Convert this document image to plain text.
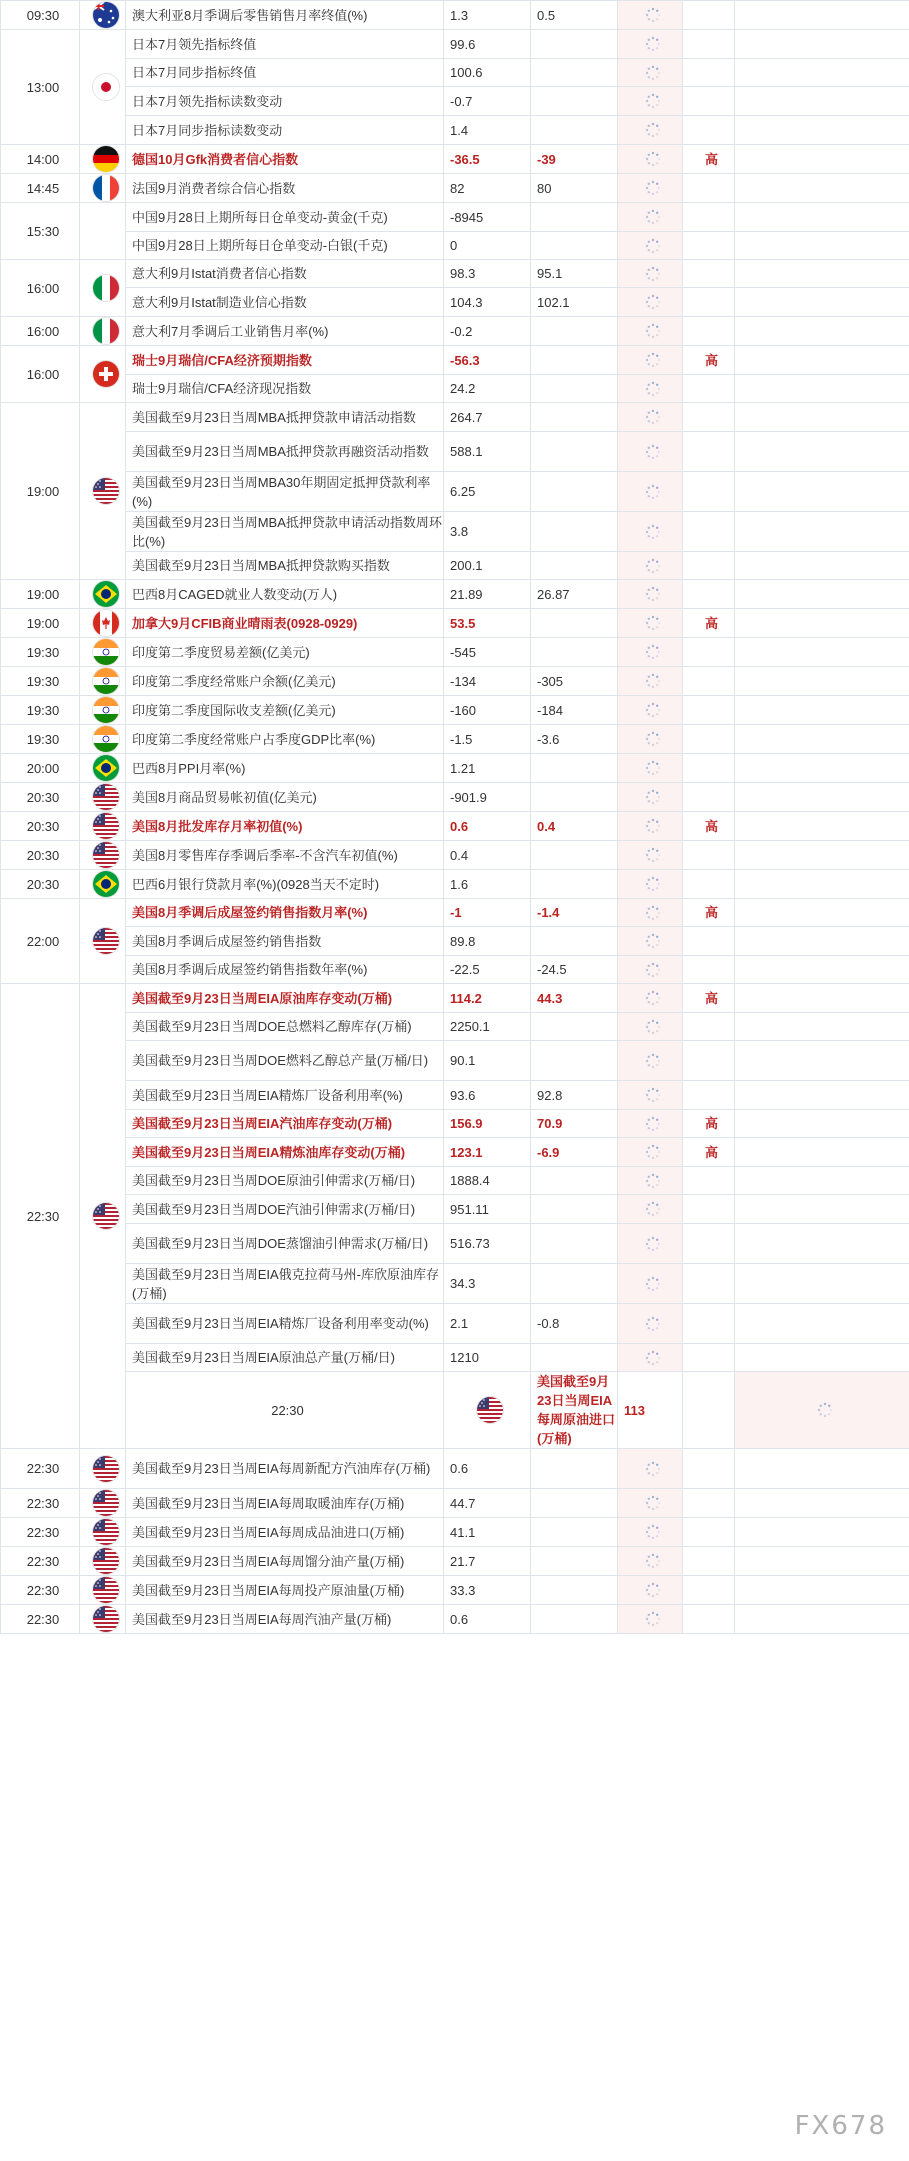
09:30		澳大利亚8月季调后零售销售月率终值(%)	1.3	0.5			
13:00		日本7月领先指标终值	99.6				
		日本7月同步指标终值	100.6				
		日本7月领先指标读数变动	-0.7				
		日本7月同步指标读数变动	1.4				
14:00		德国10月Gfk消费者信心指数	-36.5	-39		高		
14:45		法国9月消费者综合信心指数	82	80			
15:30		中国9月28日上期所每日仓单变动-黄金(千克)	-8945				
		中国9月28日上期所每日仓单变动-白银(千克)	0				
16:00		意大利9月Istat消费者信心指数	98.3	95.1			
		意大利9月Istat制造业信心指数	104.3	102.1			
16:00		意大利7月季调后工业销售月率(%)	-0.2				
16:00		瑞士9月瑞信/CFA经济预期指数	-56.3			高		
		瑞士9月瑞信/CFA经济现况指数	24.2				
19:00		美国截至9月23日当周MBA抵押贷款申请活动指数	264.7				
		美国截至9月23日当周MBA抵押贷款再融资活动指数	588.1				
		美国截至9月23日当周MBA30年期固定抵押贷款利率(%)	6.25				
		美国截至9月23日当周MBA抵押贷款申请活动指数周环比(%)	3.8				
		美国截至9月23日当周MBA抵押贷款购买指数	200.1				
19:00		巴西8月CAGED就业人数变动(万人)	21.89	26.87			
19:00		加拿大9月CFIB商业晴雨表(0928-0929)	53.5			高		
19:30		印度第二季度贸易差额(亿美元)	-545				
19:30		印度第二季度经常账户余额(亿美元)	-134	-305			
19:30		印度第二季度国际收支差额(亿美元)	-160	-184			
19:30		印度第二季度经常账户占季度GDP比率(%)	-1.5	-3.6			
20:00		巴西8月PPI月率(%)	1.21				
20:30		美国8月商品贸易帐初值(亿美元)	-901.9				
20:30		美国8月批发库存月率初值(%)	0.6	0.4		高		
20:30		美国8月零售库存季调后季率-不含汽车初值(%)	0.4				
20:30		巴西6月银行贷款月率(%)(0928当天不定时)	1.6				
22:00		美国8月季调后成屋签约销售指数月率(%)	-1	-1.4		高		
		美国8月季调后成屋签约销售指数	89.8				
		美国8月季调后成屋签约销售指数年率(%)	-22.5	-24.5			
22:30		美国截至9月23日当周EIA原油库存变动(万桶)	114.2	44.3		高		
		美国截至9月23日当周DOE总燃料乙醇库存(万桶)	2250.1				
		美国截至9月23日当周DOE燃料乙醇总产量(万桶/日)	90.1				
		美国截至9月23日当周EIA精炼厂设备利用率(%)	93.6	92.8			
		美国截至9月23日当周EIA汽油库存变动(万桶)	156.9	70.9		高		
		美国截至9月23日当周EIA精炼油库存变动(万桶)	123.1	-6.9		高		
		美国截至9月23日当周DOE原油引伸需求(万桶/日)	1888.4				
		美国截至9月23日当周DOE汽油引伸需求(万桶/日)	951.11				
		美国截至9月23日当周DOE蒸馏油引伸需求(万桶/日)	516.73				
		美国截至9月23日当周EIA俄克拉荷马州-库欣原油库存(万桶)	34.3				
		美国截至9月23日当周EIA精炼厂设备利用率变动(%)	2.1	-0.8			
		美国截至9月23日当周EIA原油总产量(万桶/日)	1210				
		22:30		美国截至9月23日当周EIA每周原油进口(万桶)	113				
22:30		美国截至9月23日当周EIA每周新配方汽油库存(万桶)	0.6				
22:30		美国截至9月23日当周EIA每周取暖油库存(万桶)	44.7				
22:30		美国截至9月23日当周EIA每周成品油进口(万桶)	41.1				
22:30		美国截至9月23日当周EIA每周馏分油产量(万桶)	21.7				
22:30		美国截至9月23日当周EIA每周投产原油量(万桶)	33.3				
22:30		美国截至9月23日当周EIA每周汽油产量(万桶)	0.6				
FX678
